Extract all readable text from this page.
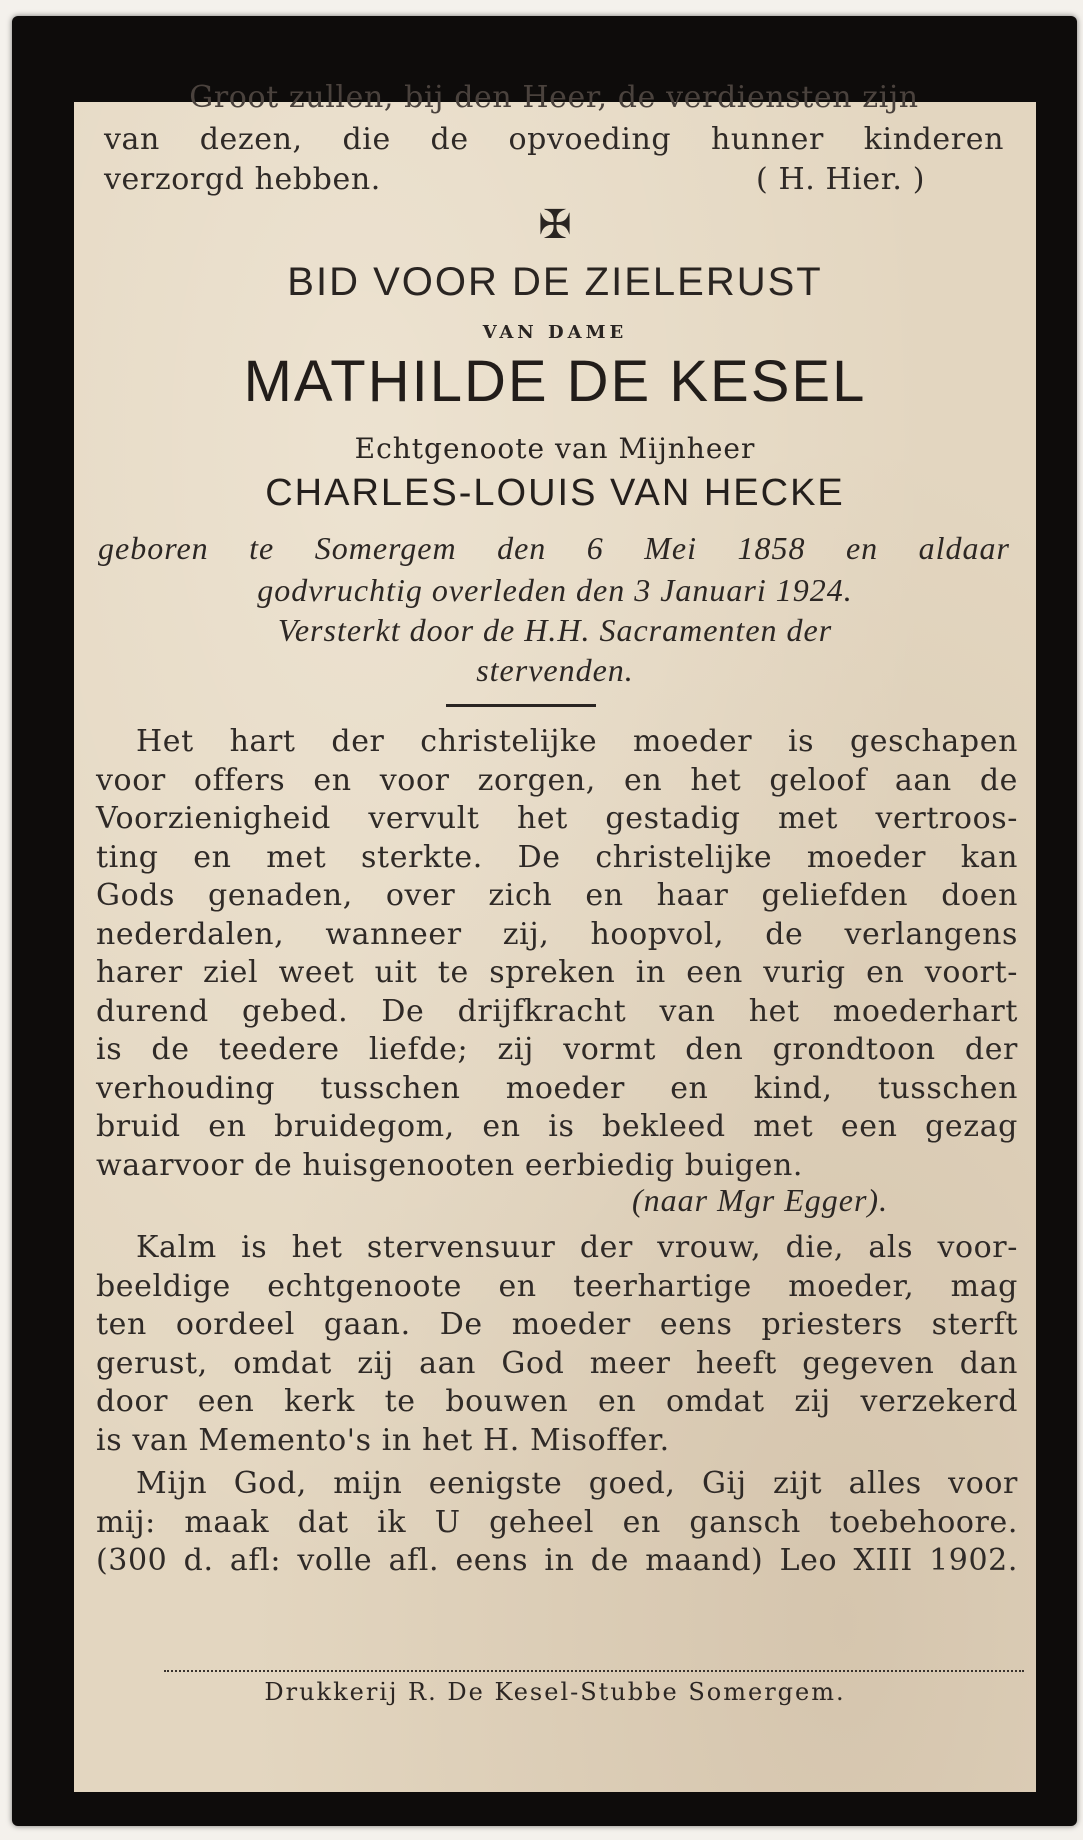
Groot zullen, bij den Heer, de verdiensten zijn
van dezen, die de opvoeding hunner kinderen
verzorgd hebben.	( H. Hier. )
✠
BID VOOR DE ZIELERUST
VAN DAME
MATHILDE DE KESEL
Echtgenoote van Mijnheer
CHARLES-LOUIS VAN HECKE
geboren te Somergem den 6 Mei 1858 en aldaar
godvruchtig overleden den 3 Januari 1924.
Versterkt door de H.H. Sacramenten der
stervenden.
Het hart der christelijke moeder is geschapen
voor offers en voor zorgen, en het geloof aan de
Voorzienigheid vervult het gestadig met vertroos-
ting en met sterkte. De christelijke moeder kan
Gods genaden, over zich en haar geliefden doen
nederdalen, wanneer zij, hoopvol, de verlangens
harer ziel weet uit te spreken in een vurig en voort-
durend gebed. De drijfkracht van het moederhart
is de teedere liefde; zij vormt den grondtoon der
verhouding tusschen moeder en kind, tusschen
bruid en bruidegom, en is bekleed met een gezag
waarvoor de huisgenooten eerbiedig buigen.
(naar Mgr Egger).
Kalm is het stervensuur der vrouw, die, als voor-
beeldige echtgenoote en teerhartige moeder, mag
ten oordeel gaan. De moeder eens priesters sterft
gerust, omdat zij aan God meer heeft gegeven dan
door een kerk te bouwen en omdat zij verzekerd
is van Memento's in het H. Misoffer.
Mijn God, mijn eenigste goed, Gij zijt alles voor
mij: maak dat ik U geheel en gansch toebehoore.
(300 d. afl: volle afl. eens in de maand) Leo XIII 1902.
Drukkerij R. De Kesel-Stubbe Somergem.
